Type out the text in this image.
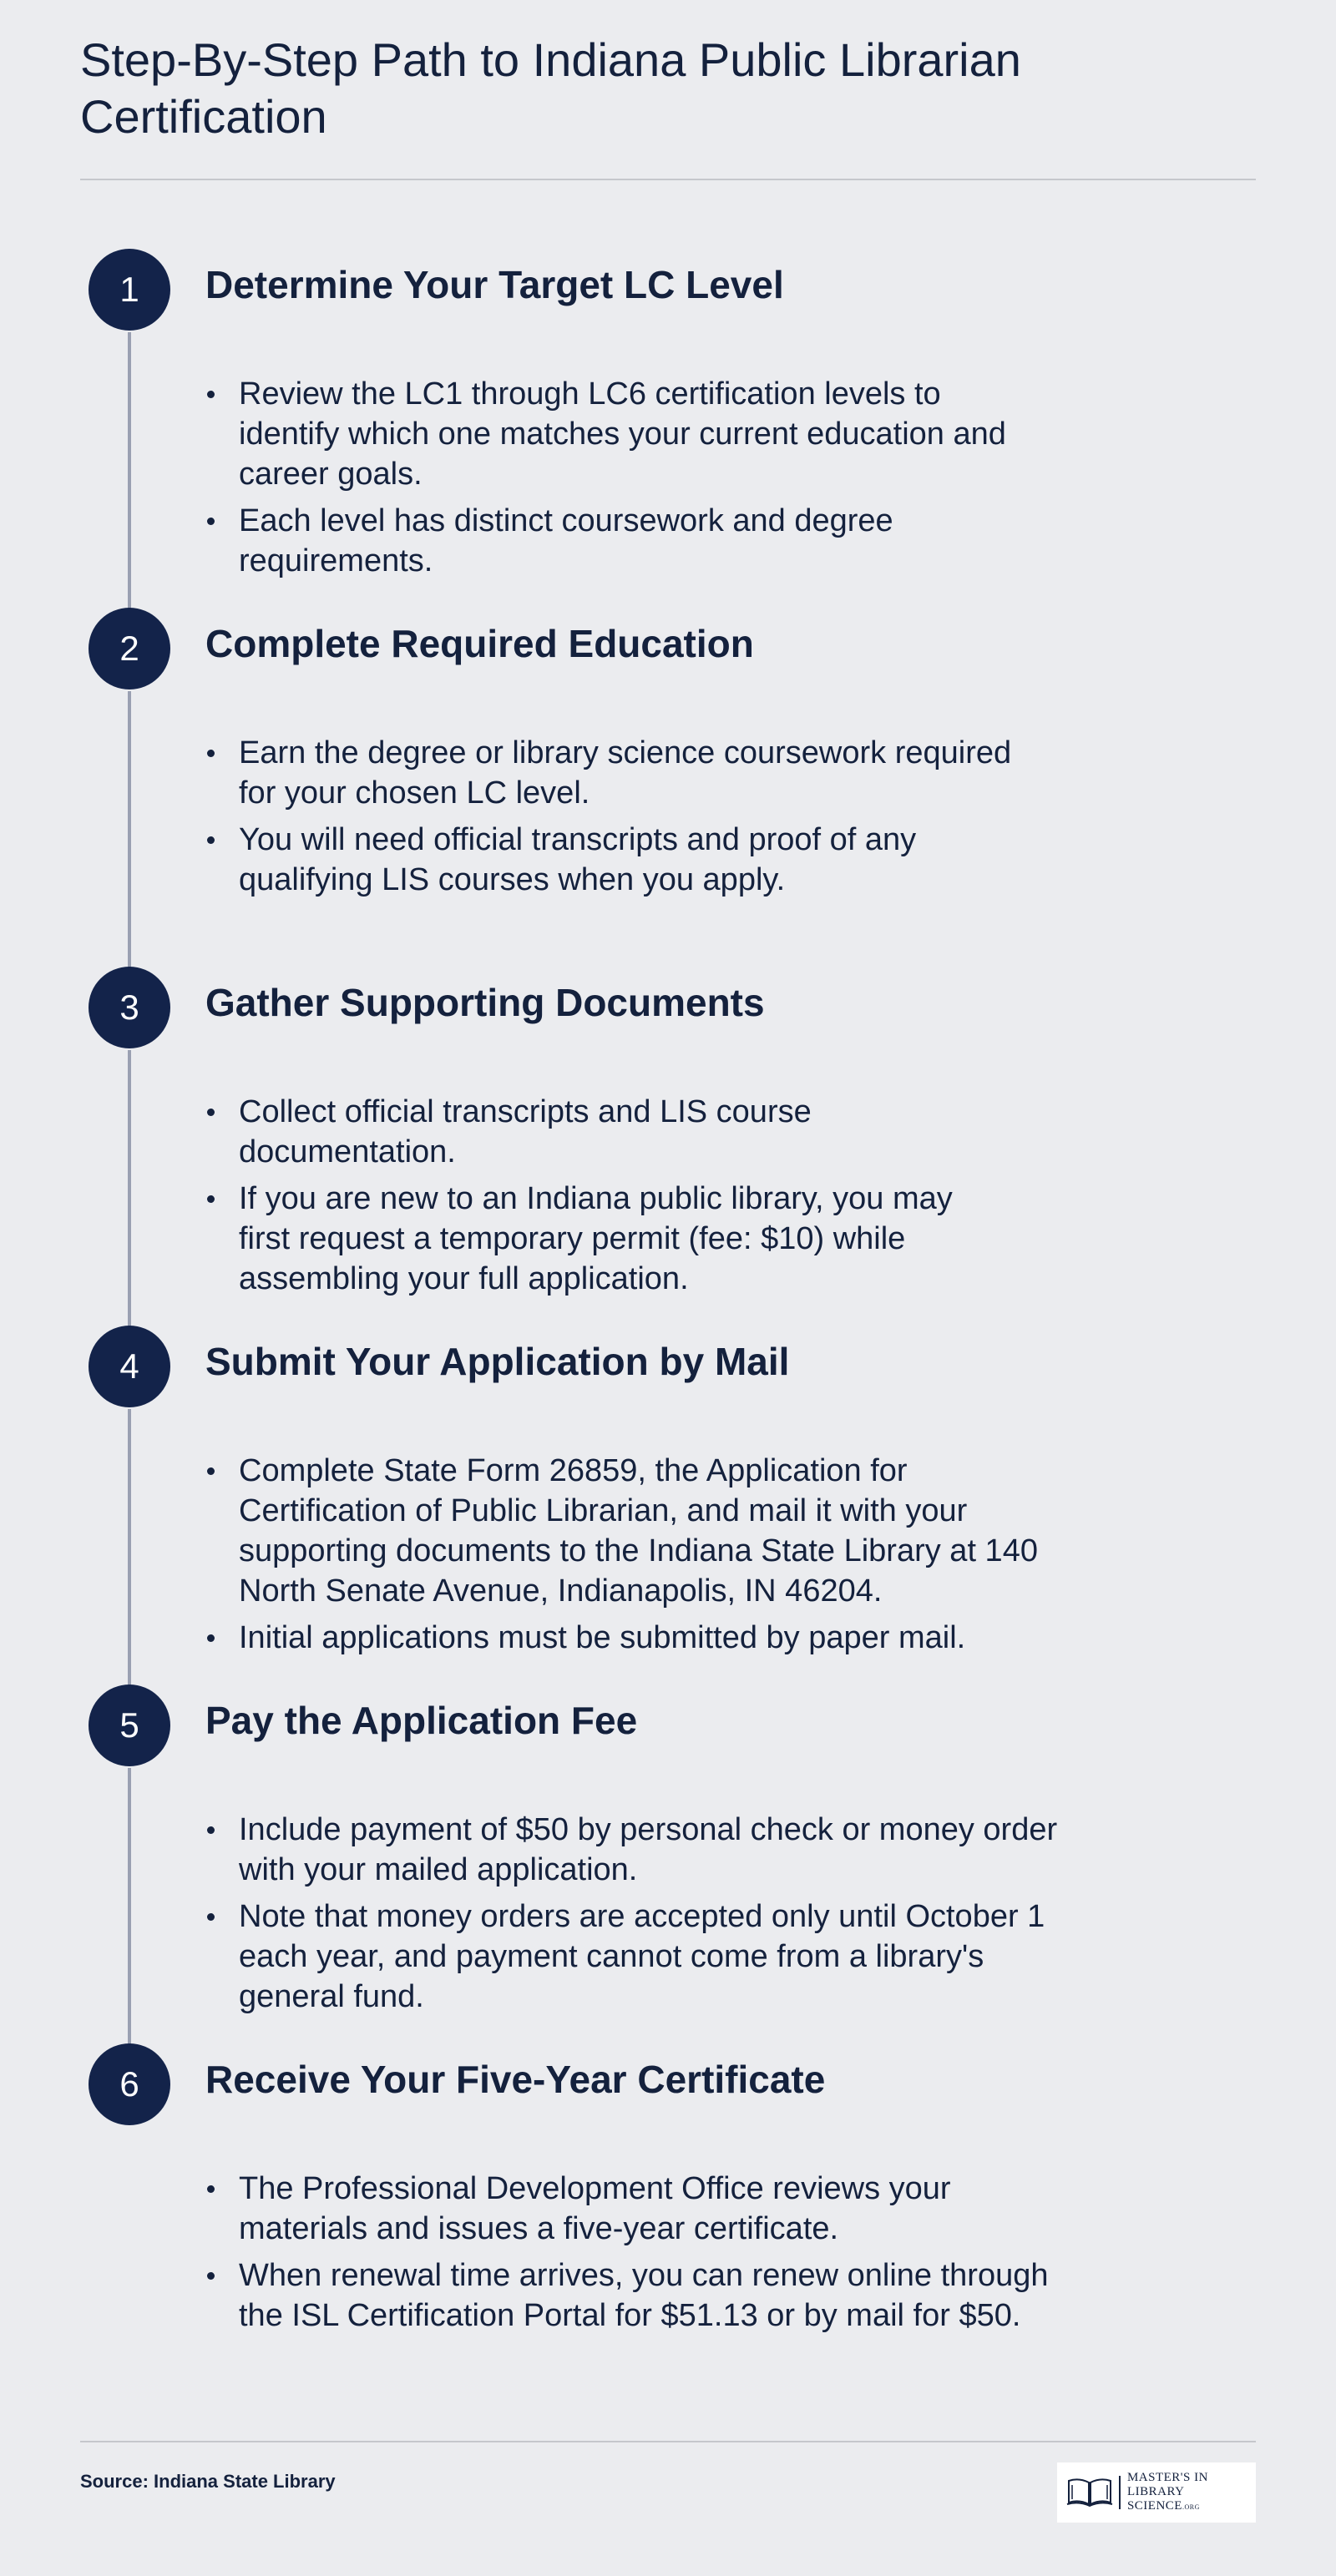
Step-By-Step Path to Indiana Public Librarian Certification
1	Determine Your Target LC Level
Review the LC1 through LC6 certification levels to identify which one matches your current education and career goals.
Each level has distinct coursework and degree requirements.
2	Complete Required Education
Earn the degree or library science coursework required for your chosen LC level.
You will need official transcripts and proof of any qualifying LIS courses when you apply.
3	Gather Supporting Documents
Collect official transcripts and LIS course documentation.
If you are new to an Indiana public library, you may first request a temporary permit (fee: $10) while assembling your full application.
4	Submit Your Application by Mail
Complete State Form 26859, the Application for Certification of Public Librarian, and mail it with your supporting documents to the Indiana State Library at 140 North Senate Avenue, Indianapolis, IN 46204.
Initial applications must be submitted by paper mail.
5	Pay the Application Fee
Include payment of $50 by personal check or money order with your mailed application.
Note that money orders are accepted only until October 1 each year, and payment cannot come from a library's general fund.
6	Receive Your Five-Year Certificate
The Professional Development Office reviews your materials and issues a five-year certificate.
When renewal time arrives, you can renew online through the ISL Certification Portal for $51.13 or by mail for $50.
Source: Indiana State Library	MASTER'S IN
LIBRARY SCIENCE.ORG
